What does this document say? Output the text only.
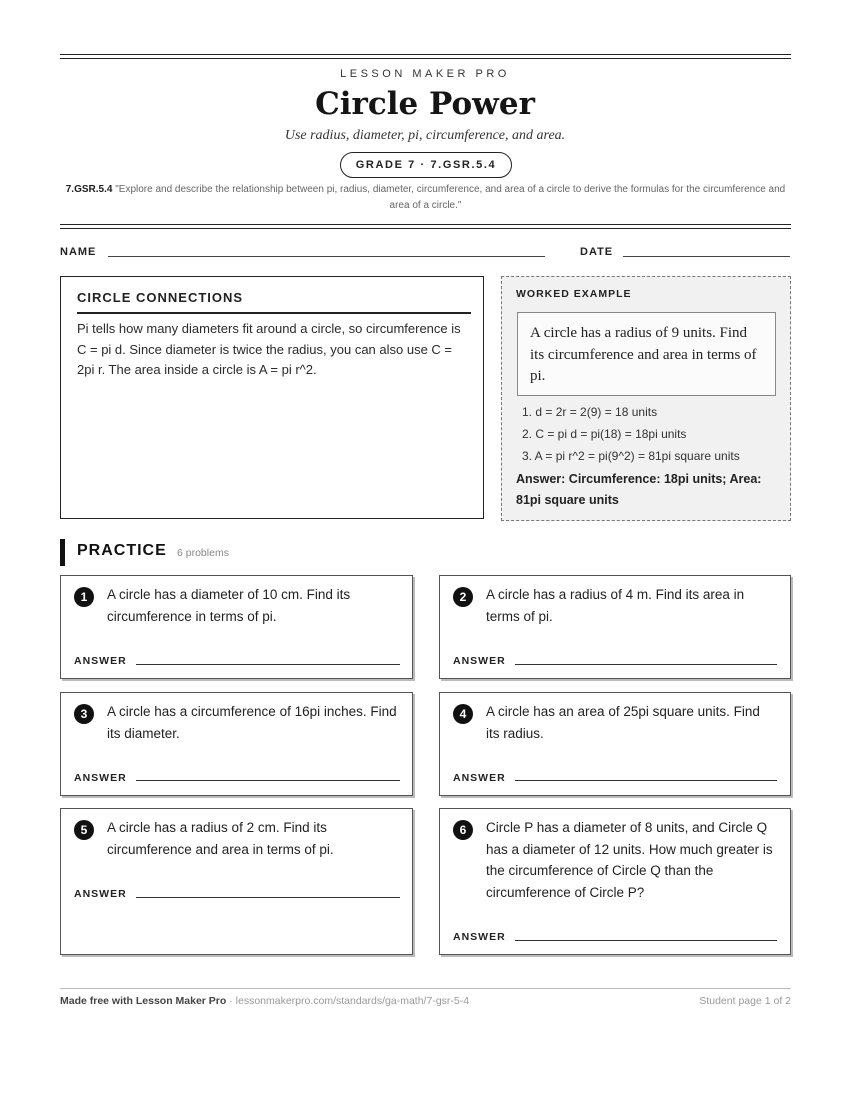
LESSON MAKER PRO
Circle Power
Use radius, diameter, pi, circumference, and area.
GRADE 7 · 7.GSR.5.4
7.GSR.5.4 "Explore and describe the relationship between pi, radius, diameter, circumference, and area of a circle to derive the formulas for the circumference and area of a circle."
NAME	DATE
CIRCLE CONNECTIONS

Pi tells how many diameters fit around a circle, so circumference is C = pi d. Since diameter is twice the radius, you can also use C = 2pi r. The area inside a circle is A = pi r^2.

WORKED EXAMPLE
A circle has a radius of 9 units. Find its circumference and area in terms of pi.
1. d = 2r = 2(9) = 18 units
2. C = pi d = pi(18) = 18pi units
3. A = pi r^2 = pi(9^2) = 81pi square units
Answer: Circumference: 18pi units; Area: 81pi square units
PRACTICE 6 problems
1	A circle has a diameter of 10 cm. Find its circumference in terms of pi.
ANSWER
2	A circle has a radius of 4 m. Find its area in terms of pi.
ANSWER
3	A circle has a circumference of 16pi inches. Find its diameter.
ANSWER
4	A circle has an area of 25pi square units. Find its radius.
ANSWER
5	A circle has a radius of 2 cm. Find its circumference and area in terms of pi.
ANSWER
6	Circle P has a diameter of 8 units, and Circle Q has a diameter of 12 units. How much greater is the circumference of Circle Q than the circumference of Circle P?
ANSWER
Made free with Lesson Maker Pro · lessonmakerpro.com/standards/ga-math/7-gsr-5-4	Student page 1 of 2
